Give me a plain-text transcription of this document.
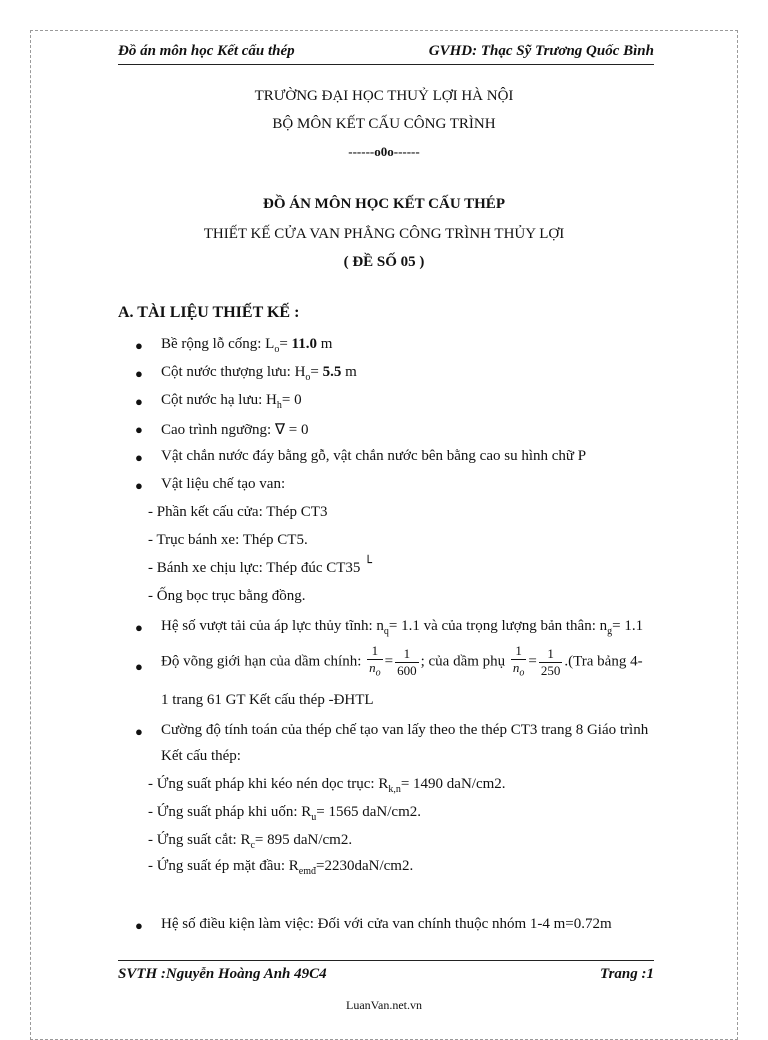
Đồ án môn học Kết cấu thép	GVHD: Thạc Sỹ Trương Quốc Bình
TRƯỜNG ĐẠI HỌC THUỶ LỢI HÀ NỘI
BỘ MÔN KẾT CẤU CÔNG TRÌNH
------o0o------
ĐỒ ÁN MÔN HỌC KẾT CẤU THÉP
THIẾT KẾ CỬA VAN PHẲNG CÔNG TRÌNH THỦY LỢI
( ĐỀ SỐ 05 )
A. TÀI LIỆU THIẾT KẾ :
● Bề rộng lỗ cống: $L_o= 11.0$ m
● Cột nước thượng lưu: $H_o= 5.5$ m
● Cột nước hạ lưu: $H_h= 0$
● Cao trình ngưỡng: ∇ = 0
● Vật chắn nước đáy bằng gỗ, vật chắn nước bên bằng cao su hình chữ P
● Vật liệu chế tạo van:
- Phần kết cấu cửa: Thép CT3
- Trục bánh xe: Thép CT5.
- Bánh xe chịu lực: Thép đúc CT35 └
- Ống bọc trục bằng đồng.
● Hệ số vượt tải của áp lực thủy tĩnh: $n_q= 1.1$ và của trọng lượng bản thân: $n_g= 1.1$
● Độ võng giới hạn của dầm chính: $\frac{1}{n_o} = \frac{1}{600}$ ; của dầm phụ $\frac{1}{n_o} = \frac{1}{250} .(Tra$ bảng 4-
1 trang 61 GT Kết cấu thép -ĐHTL
● Cường độ tính toán của thép chế tạo van lấy theo the thép CT3 trang 8 Giáo trình
Kết cấu thép:
- Ứng suất pháp khi kéo nén dọc trục: $R_{k,n}= 1490$ daN/cm2.
- Ứng suất pháp khi uốn: $R_u= 1565$ daN/cm2.
- Ứng suất cắt: $R_c= 895$ daN/cm2.
- Ứng suất ép mặt đầu: $R_{emđ}=2230daN/cm2$.
● Hệ số điều kiện làm việc: Đối với cửa van chính thuộc nhóm 1-4 m=0.72m
SVTH :Nguyễn Hoàng Anh 49C4	Trang :1
LuanVan.net.vn
